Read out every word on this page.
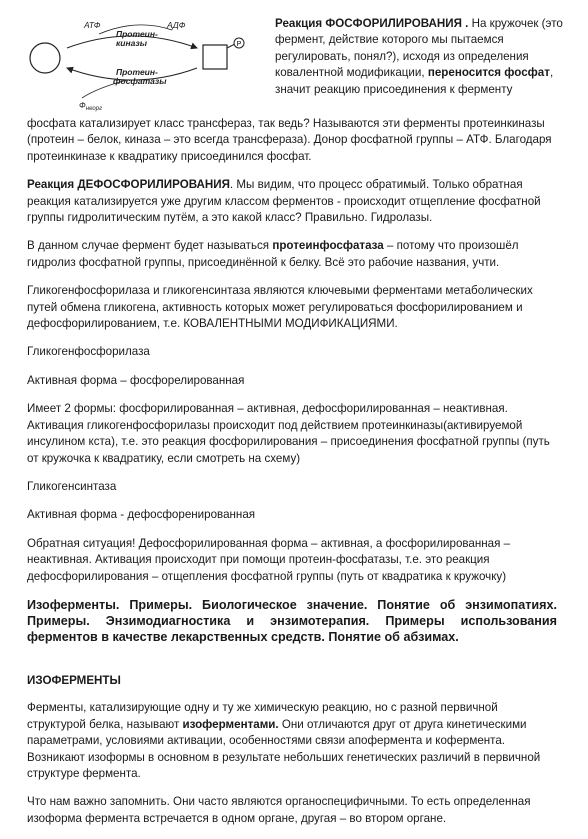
Р
АТФ	АДФ
Протеин-
киназы
Протеин-
фосфатазы
$Ф_{неорг}$
Реакция ФОСФОРИЛИРОВАНИЯ . На кружочек (это фермент, действие которого мы пытаемся регулировать, понял?), исходя из определения ковалентной модификации, переносится фосфат, значит реакцию присоединения к ферменту

фосфата катализирует класс трансфераз, так ведь? Называются эти ферменты протеинкиназы (протеин – белок, киназа – это всегда трансфераза). Донор фосфатной группы – АТФ. Благодаря протеинкиназе к квадратику присоединился фосфат.

Реакция ДЕФОСФОРИЛИРОВАНИЯ. Мы видим, что процесс обратимый. Только обратная реакция катализируется уже другим классом ферментов - происходит отщепление фосфатной группы гидролитическим путём, а это какой класс? Правильно. Гидролазы.

В данном случае фермент будет называться протеинфосфатаза – потому что произошёл гидролиз фосфатной группы, присоединённой к белку. Всё это рабочие названия, учти.

Гликогенфосфорилаза и гликогенсинтаза являются ключевыми ферментами метаболических путей обмена гликогена, активность которых может регулироваться фосфорилированием и дефосфорилированием, т.е. КОВАЛЕНТНЫМИ МОДИФИКАЦИЯМИ.

Гликогенфосфорилаза

Активная форма – фосфорелированная

Имеет 2 формы: фосфорилированная – активная, дефосфорилированная – неактивная. Активация гликогенфосфорилазы происходит под действием протеинкиназы(активируемой инсулином кста), т.е. это реакция фосфорилирования – присоединения фосфатной группы (путь от кружочка к квадратику, если смотреть на схему)

Гликогенсинтаза

Активная форма - дефосфоренированная

Обратная ситуация! Дефосфорилированная форма – активная, а фосфорилированная – неактивная. Активация происходит при помощи протеин-фосфатазы, т.е. это реакция дефосфорилирования – отщепления фосфатной группы (путь от квадратика к кружочку)

Изоферменты. Примеры. Биологическое значение. Понятие об энзимопатиях. Примеры. Энзимодиагностика и энзимотерапия. Примеры использования ферментов в качестве лекарственных средств. Понятие об абзимах.

ИЗОФЕРМЕНТЫ

Ферменты, катализирующие одну и ту же химическую реакцию, но с разной первичной структурой белка, называют изоферментами. Они отличаются друг от друга кинетическими параметрами, условиями активации, особенностями связи апофермента и кофермента. Возникают изоформы в основном в результате небольших генетических различий в первичной структуре фермента.

Что нам важно запомнить. Они часто являются органоспецифичными. То есть определенная изоформа фермента встречается в одном органе, другая – во втором органе.
